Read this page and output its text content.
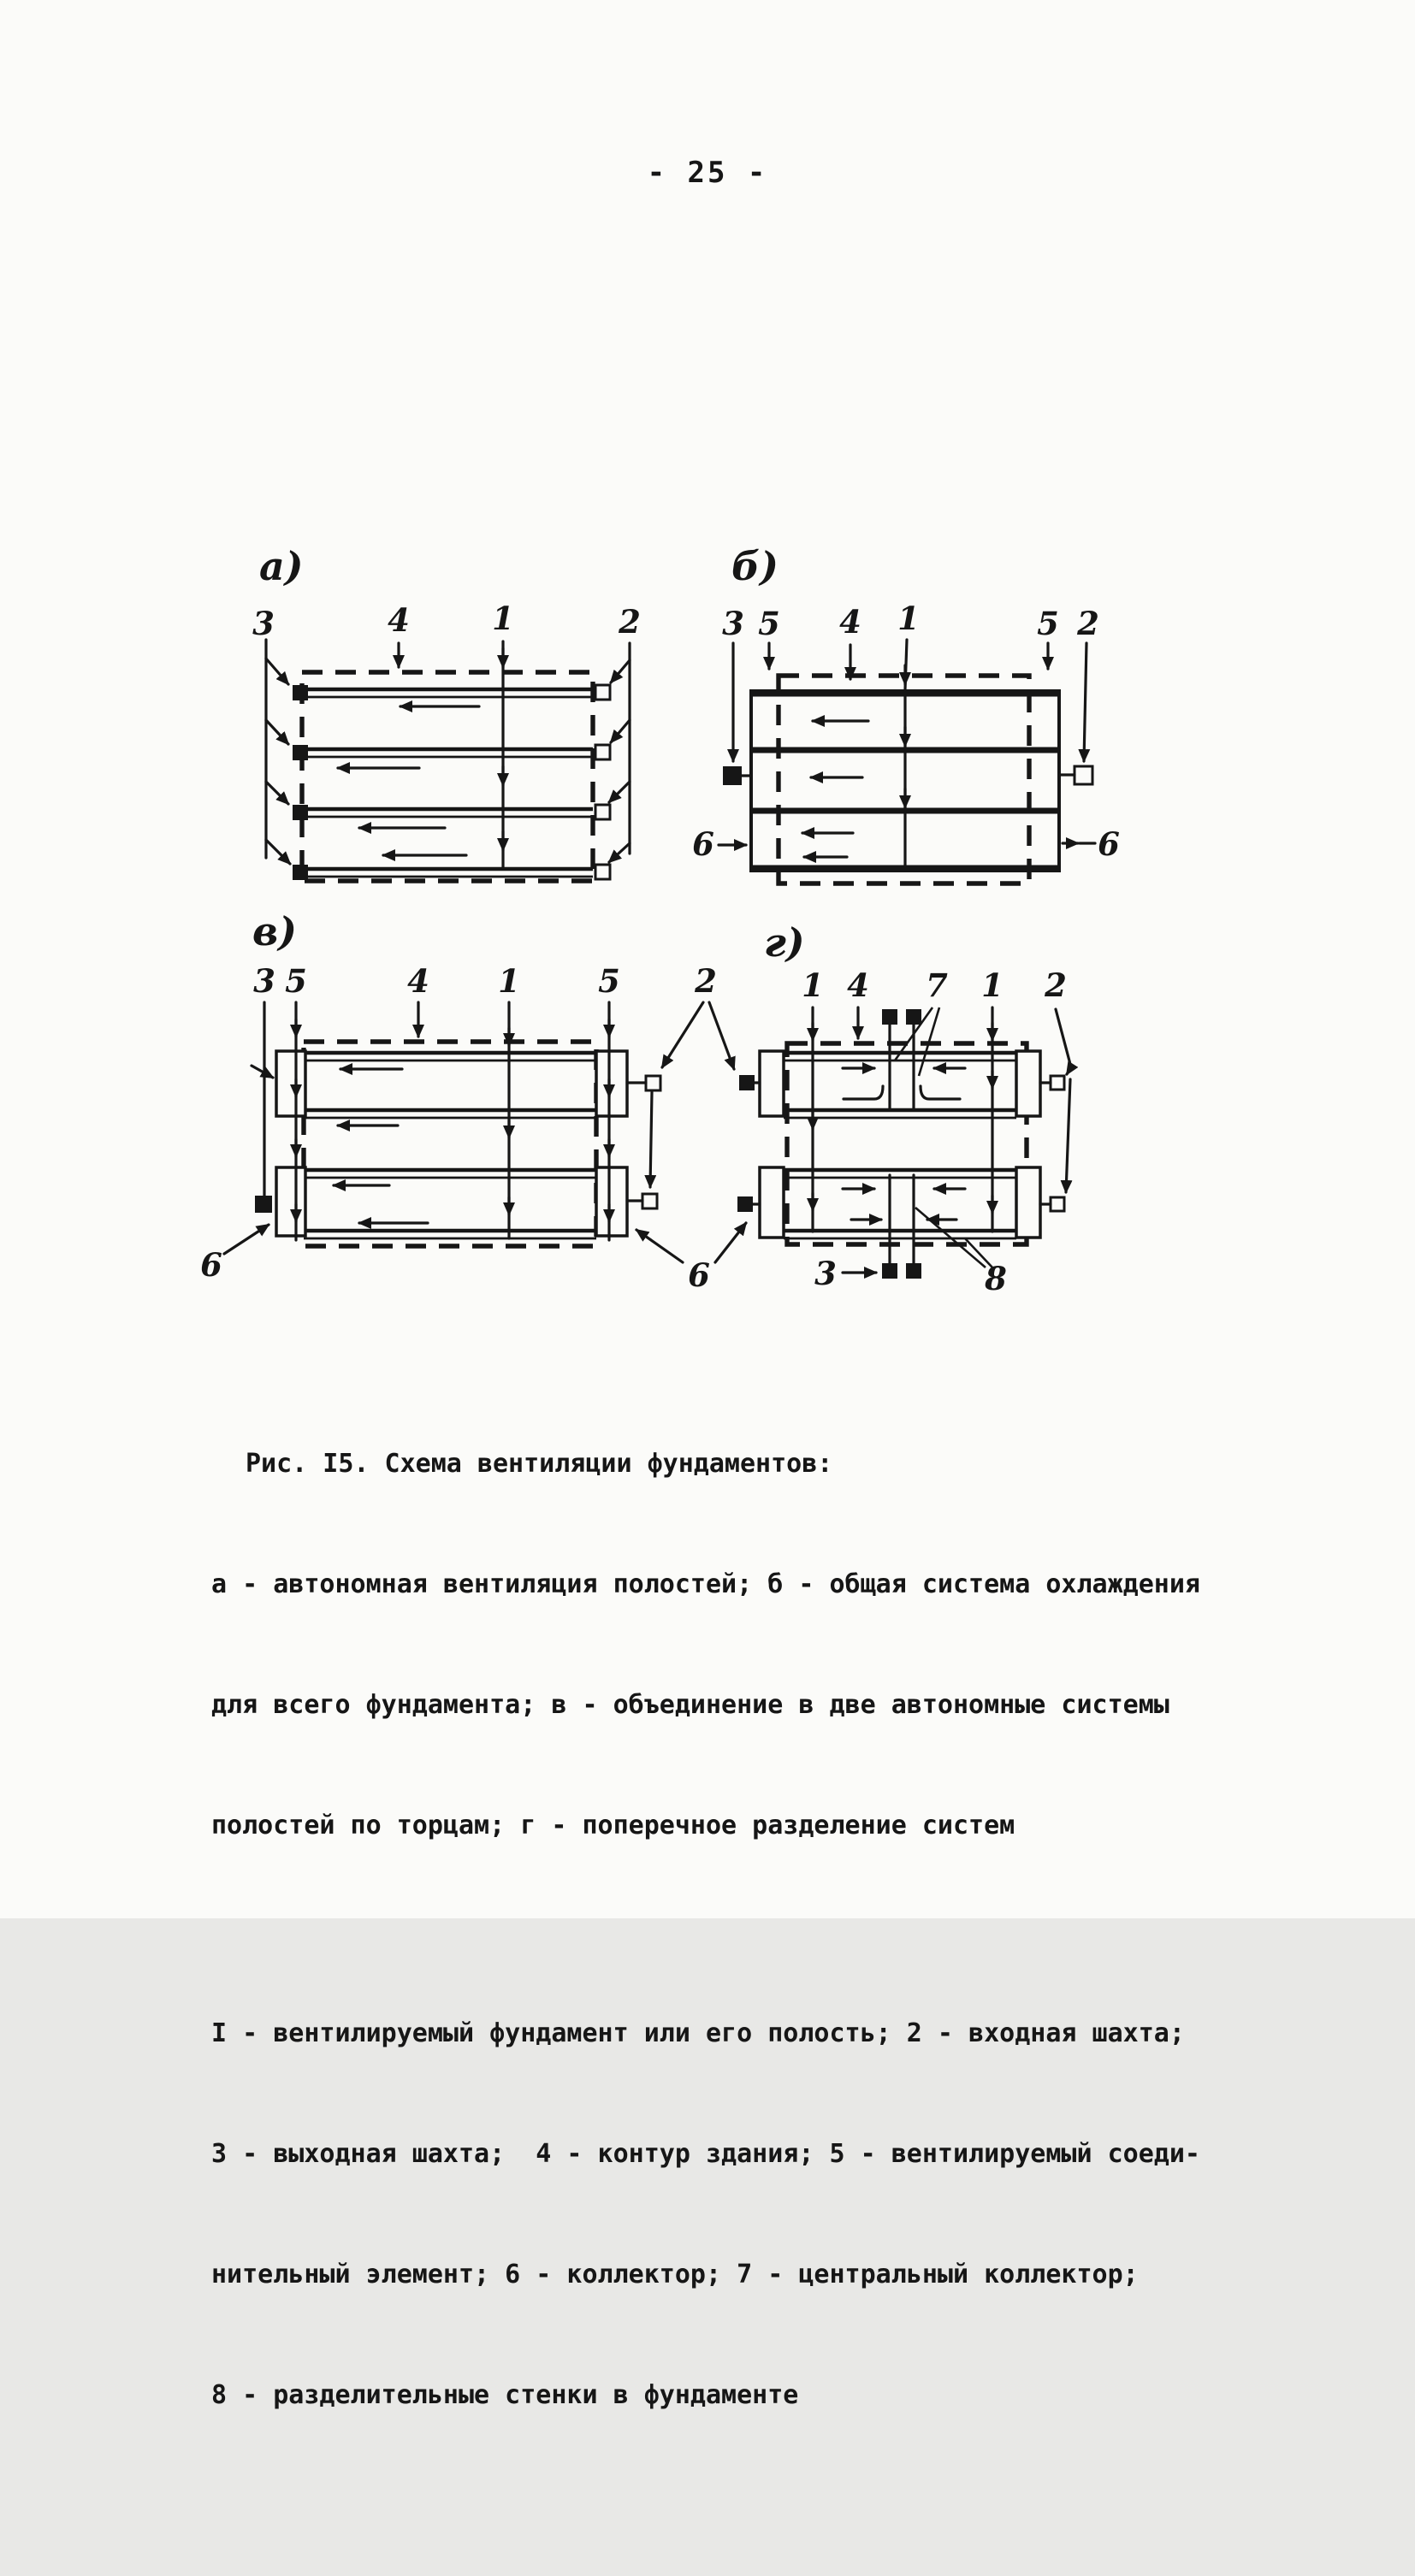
- 25 -
а)
3	4	1	2
б)
3 5 4 1	5 2
6	6
в)
3 5	4 1 5 2
6	6
г)
1 4 7 1 2
3	8

Рис. I5. Схема вентиляции фундаментов:

а - автономная вентиляция полостей; б - общая система охлаждения

для всего фундамента; в - объединение в две автономные системы

полостей по торцам; г - поперечное разделение систем

I - вентилируемый фундамент или его полость; 2 - входная шахта;

3 - выходная шахта;  4 - контур здания; 5 - вентилируемый соеди-

нительный элемент; 6 - коллектор; 7 - центральный коллектор;

8 - разделительные стенки в фундаменте
